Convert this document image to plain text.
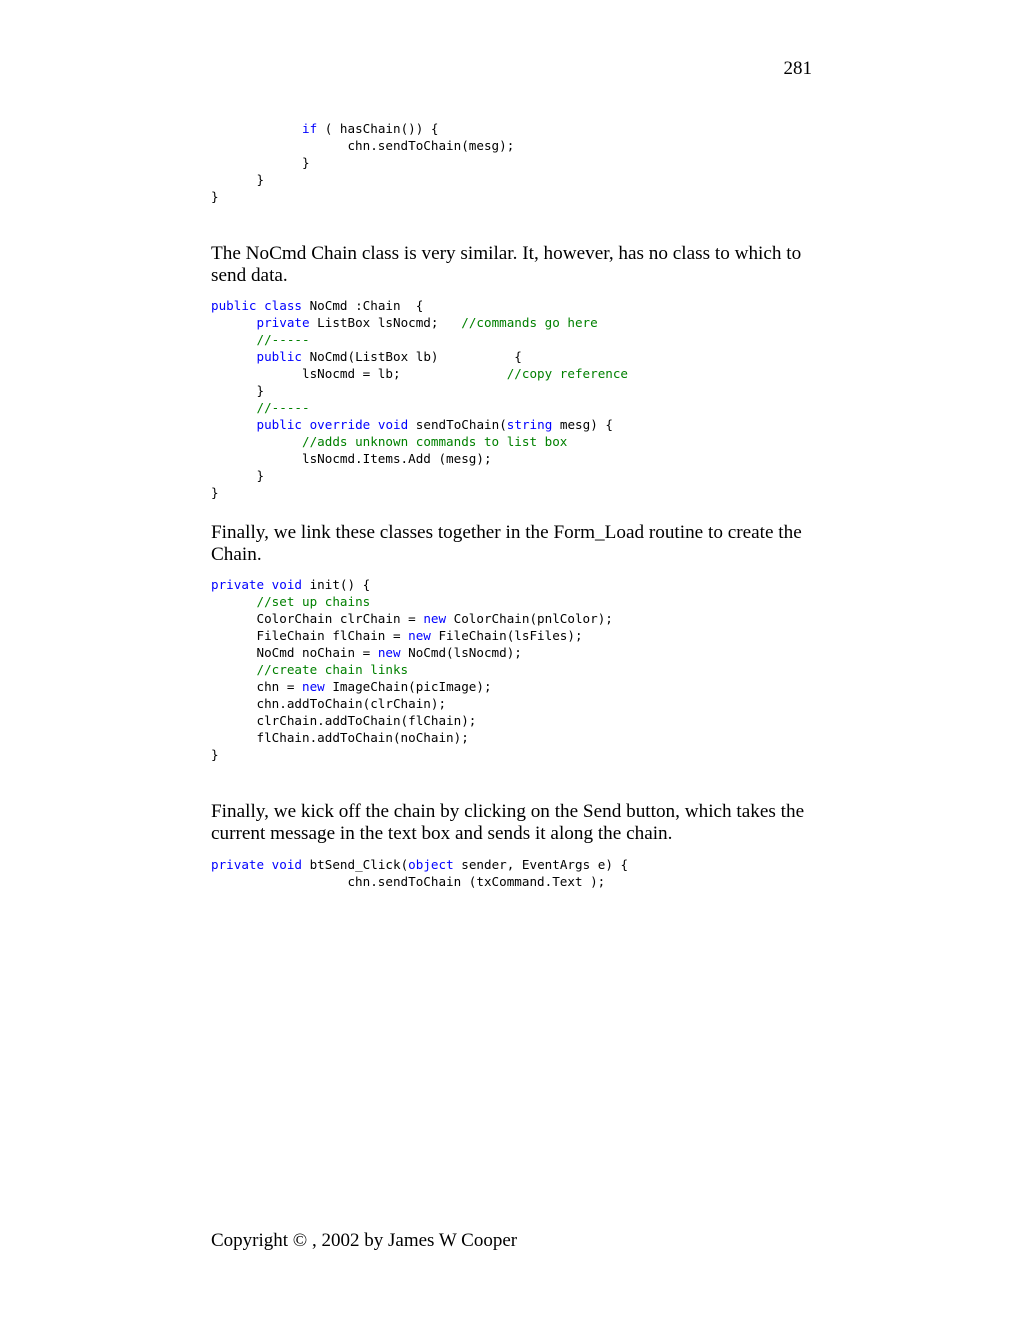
281
if ( hasChain()) {
chn.sendToChain(mesg);
}
}
}

The NoCmd Chain class is very similar. It, however, has no class to which to send data.

public class NoCmd :Chain  {
private ListBox lsNocmd;   //commands go here
//-----
public NoCmd(ListBox lb)          {
lsNocmd = lb;              //copy reference
}
//-----
public override void sendToChain(string mesg) {
//adds unknown commands to list box
lsNocmd.Items.Add (mesg);
}
}

Finally, we link these classes together in the Form_Load routine to create the Chain.

private void init() {
//set up chains
ColorChain clrChain = new ColorChain(pnlColor);
FileChain flChain = new FileChain(lsFiles);
NoCmd noChain = new NoCmd(lsNocmd);
//create chain links
chn = new ImageChain(picImage);
chn.addToChain(clrChain);
clrChain.addToChain(flChain);
flChain.addToChain(noChain);
}

Finally, we kick off the chain by clicking on the Send button, which takes the current message in the text box and sends it along the chain.

private void btSend_Click(object sender, EventArgs e) {
chn.sendToChain (txCommand.Text );
Copyright © , 2002 by James W Cooper
